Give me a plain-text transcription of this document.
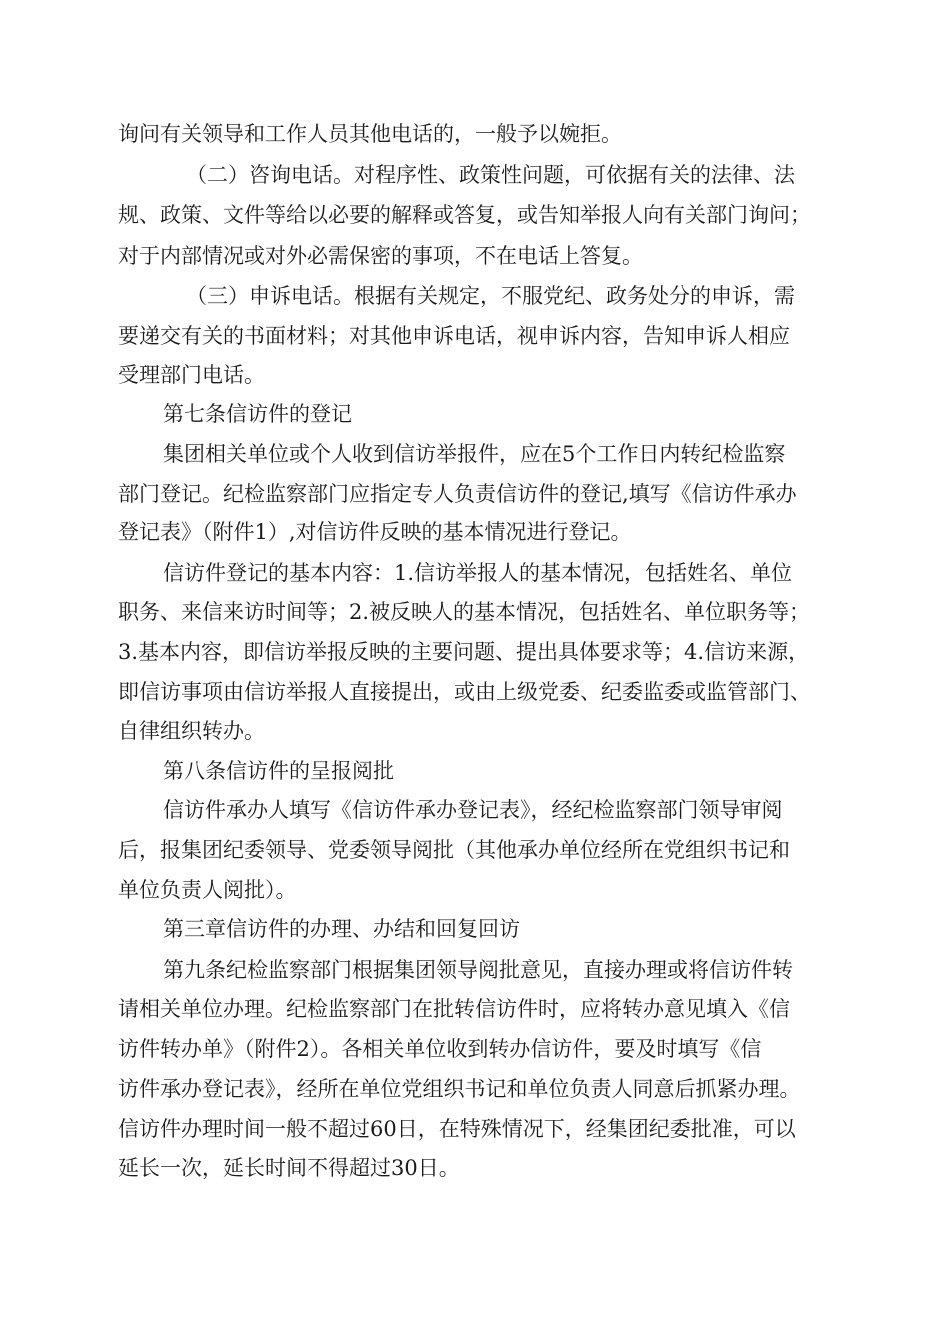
询问有关领导和工作人员其他电话的，一般予以婉拒。
（二）咨询电话。对程序性、政策性问题，可依据有关的法律、法
规、政策、文件等给以必要的解释或答复，或告知举报人向有关部门询问；
对于内部情况或对外必需保密的事项，不在电话上答复。
（三）申诉电话。根据有关规定，不服党纪、政务处分的申诉，需
要递交有关的书面材料；对其他申诉电话，视申诉内容，告知申诉人相应
受理部门电话。
第七条信访件的登记
集团相关单位或个人收到信访举报件，应在5个工作日内转纪检监察
部门登记。纪检监察部门应指定专人负责信访件的登记,填写《信访件承办
登记表》（附件1）,对信访件反映的基本情况进行登记。
信访件登记的基本内容：1.信访举报人的基本情况，包括姓名、单位
职务、来信来访时间等；2.被反映人的基本情况，包括姓名、单位职务等；
3.基本内容，即信访举报反映的主要问题、提出具体要求等；4.信访来源，
即信访事项由信访举报人直接提出，或由上级党委、纪委监委或监管部门、
自律组织转办。
第八条信访件的呈报阅批
信访件承办人填写《信访件承办登记表》，经纪检监察部门领导审阅
后，报集团纪委领导、党委领导阅批（其他承办单位经所在党组织书记和
单位负责人阅批）。
第三章信访件的办理、办结和回复回访
第九条纪检监察部门根据集团领导阅批意见，直接办理或将信访件转
请相关单位办理。纪检监察部门在批转信访件时，应将转办意见填入《信
访件转办单》（附件2）。各相关单位收到转办信访件，要及时填写《信
访件承办登记表》，经所在单位党组织书记和单位负责人同意后抓紧办理。
信访件办理时间一般不超过60日，在特殊情况下，经集团纪委批准，可以
延长一次，延长时间不得超过30日。
